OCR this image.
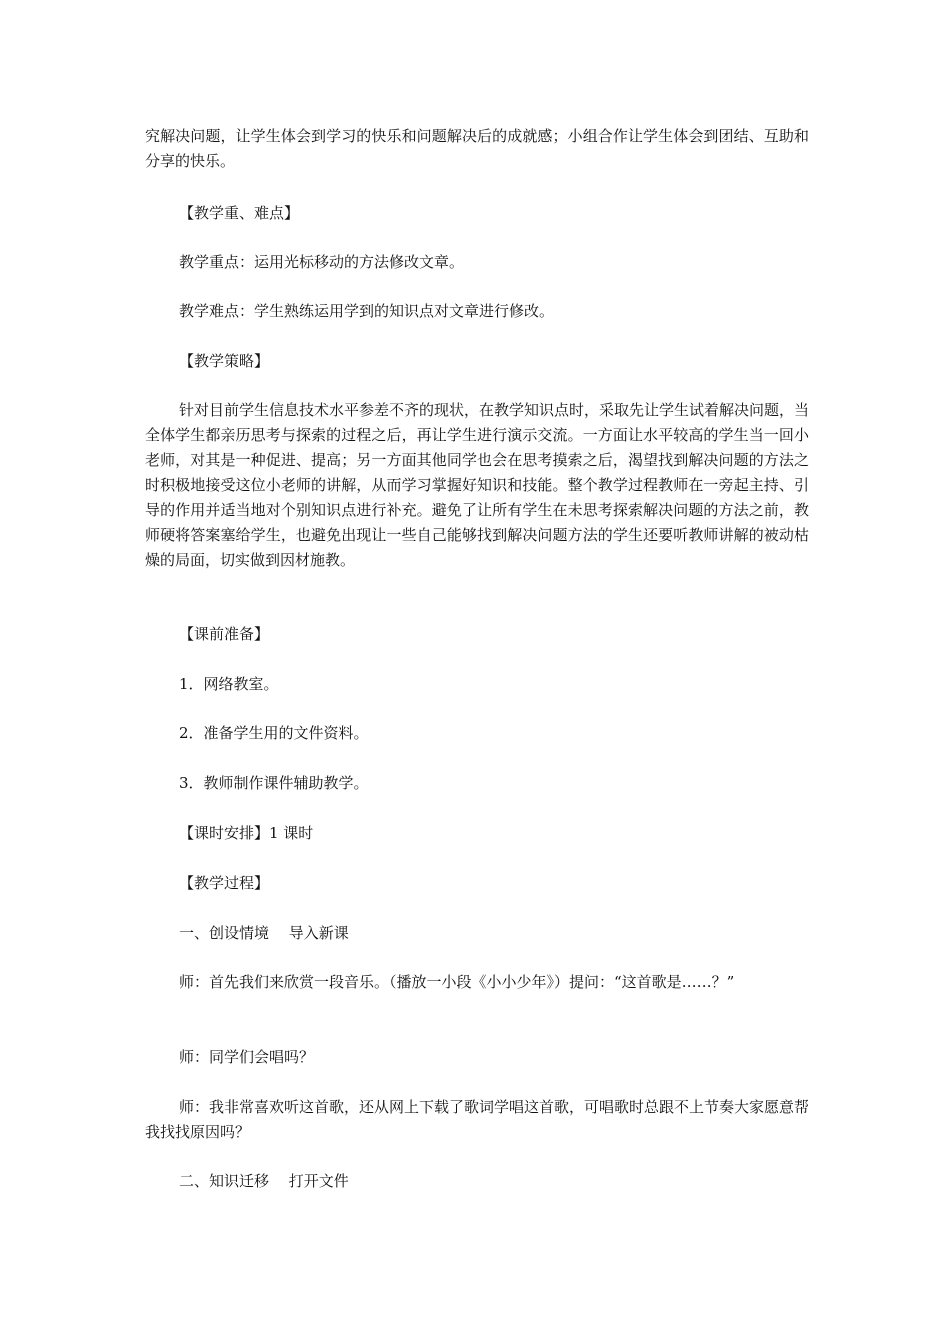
究解决问题，让学生体会到学习的快乐和问题解决后的成就感；小组合作让学生体会到团结、互助和分享的快乐。

【教学重、难点】

教学重点：运用光标移动的方法修改文章。

教学难点：学生熟练运用学到的知识点对文章进行修改。

【教学策略】

针对目前学生信息技术水平参差不齐的现状，在教学知识点时，采取先让学生试着解决问题，当全体学生都亲历思考与探索的过程之后，再让学生进行演示交流。一方面让水平较高的学生当一回小老师，对其是一种促进、提高；另一方面其他同学也会在思考摸索之后，渴望找到解决问题的方法之时积极地接受这位小老师的讲解，从而学习掌握好知识和技能。整个教学过程教师在一旁起主持、引导的作用并适当地对个别知识点进行补充。避免了让所有学生在未思考探索解决问题的方法之前，教师硬将答案塞给学生，也避免出现让一些自己能够找到解决问题方法的学生还要听教师讲解的被动枯燥的局面，切实做到因材施教。

【课前准备】

1．网络教室。

2．准备学生用的文件资料。

3．教师制作课件辅助教学。

【课时安排】1 课时

【教学过程】

一、创设情境　 导入新课

师：首先我们来欣赏一段音乐。（播放一小段《小小少年》）提问：“这首歌是……？”

师：同学们会唱吗？

师：我非常喜欢听这首歌，还从网上下载了歌词学唱这首歌，可唱歌时总跟不上节奏大家愿意帮我找找原因吗？

二、知识迁移　 打开文件
